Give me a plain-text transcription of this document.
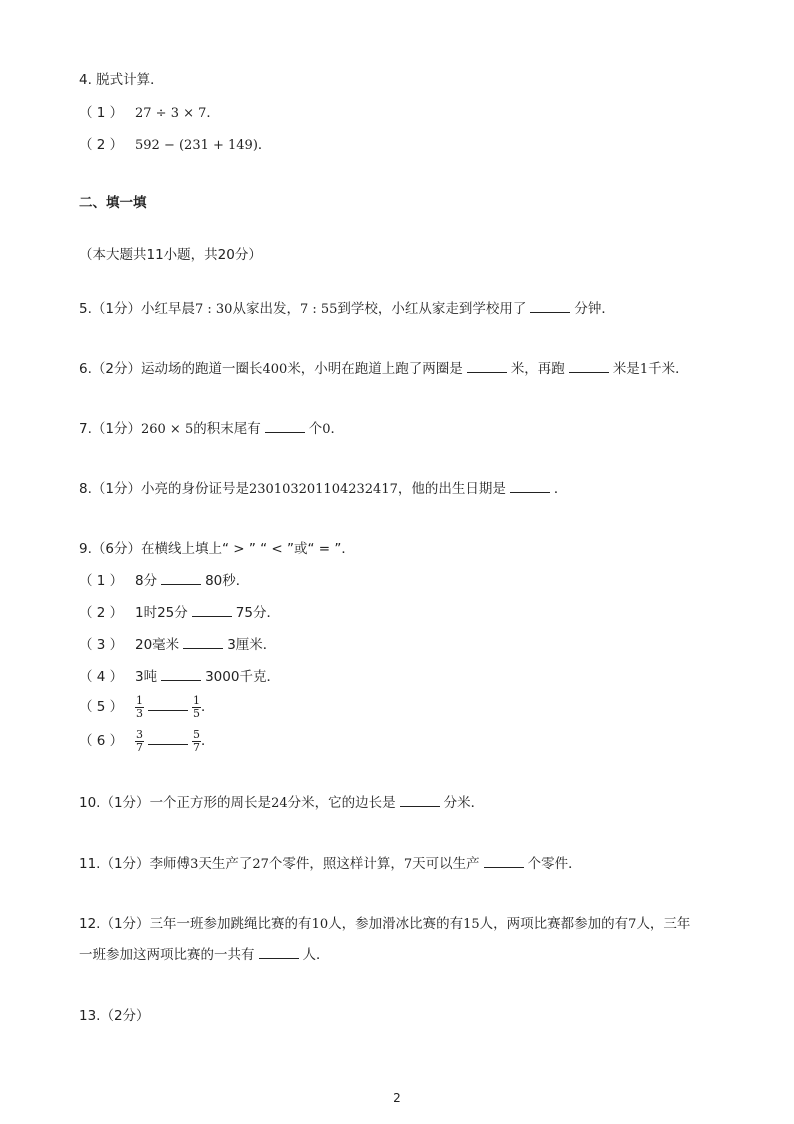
4. 脱式计算．
（ 1 ） 27 ÷ 3 × 7．
（ 2 ） 592 − (231 + 149)．
二、填一填
（本大题共11小题，共20分）
5.（1分）小红早晨7 : 30从家出发，7 : 55到学校，小红从家走到学校用了	分钟．
6.（2分）运动场的跑道一圈长400米，小明在跑道上跑了两圈是	米，再跑	米是1千米．
7.（1分）260 × 5的积末尾有	个0．
8.（1分）小亮的身份证号是230103201104232417，他的出生日期是	．
9.（6分）在横线上填上“ > ” “ < ”或“ = ”．
（ 1 ） 8分	80秒．
（ 2 ） 1时25分	75分．
（ 3 ） 20毫米	3厘米．
（ 4 ） 3吨	3000千克．
（ 5 ） $\frac{1}{3}$	$\frac{1}{5}$ ．
（ 6 ） $\frac{3}{7}$	$\frac{5}{7}$ ．
10.（1分）一个正方形的周长是24分米，它的边长是	分米．
11.（1分）李师傅3天生产了27个零件，照这样计算，7天可以生产	个零件．
12.（1分）三年一班参加跳绳比赛的有10人，参加滑冰比赛的有15人，两项比赛都参加的有7人，三年
一班参加这两项比赛的一共有	人．
13.（2分）
2
